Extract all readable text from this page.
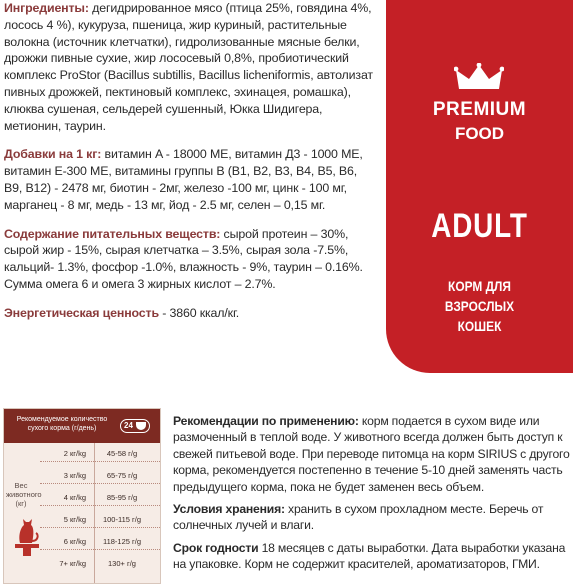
Ингредиенты: дегидрированное мясо (птица 25%, говядина 4%, лосось 4 %), кукуруза, пшеница, жир куриный, растительные волокна (источник клетчатки), гидролизованные мясные белки, дрожжи пивные сухие, жир лососевый 0,8%, пробиотический комплекс ProStor (Bacillus subtillis, Bacillus licheniformis, автолизат пивных дрожжей, пектиновый комплекс, эхинацея, ромашка), клюква сушеная, сельдерей сушенный, Юкка Шидигера, метионин, таурин.

Добавки на 1 кг: витамин A - 18000 МЕ, витамин Д3 - 1000 МЕ, витамин Е-300 МЕ, витамины группы В (В1, В2, В3, В4, В5, В6, В9, В12) - 2478 мг, биотин - 2мг, железо -100 мг, цинк - 100 мг, марганец - 8 мг, медь - 13 мг, йод - 2.5 мг, селен – 0,15 мг.

Содержание питательных веществ: сырой протеин – 30%, сырой жир - 15%, сырая клетчатка – 3.5%, сырая зола -7.5%, кальций- 1.3%, фосфор -1.0%, влажность - 9%, таурин – 0.16%. Сумма омега 6 и омега 3 жирных кислот – 2.7%.

Энергетическая ценность - 3860 ккал/кг.

PREMIUM
FOOD
ADULT
КОРМ ДЛЯ
ВЗРОСЛЫХ
КОШЕК
Рекомендуемое количество сухого корма (г/день)	24
Вес животного (кг)
2 кг/kg	45-58 г/g
3 кг/kg	65-75 г/g
4 кг/kg	85-95 г/g
5 кг/kg	100-115 г/g
6 кг/kg	118-125 г/g
7+ кг/kg	130+ г/g

Рекомендации по применению: корм подается в сухом виде или размоченный в теплой воде. У животного всегда должен быть доступ к свежей питьевой воде. При переводе питомца на корм SIRIUS с другого корма, рекомендуется постепенно в течение 5-10 дней заменять часть предыдущего корма, пока не будет заменен весь объем.

Условия хранения: хранить в сухом прохладном месте. Беречь от солнечных лучей и влаги.

Срок годности 18 месяцев с даты выработки. Дата выработки указана на упаковке. Корм не содержит красителей, ароматизаторов, ГМИ.
